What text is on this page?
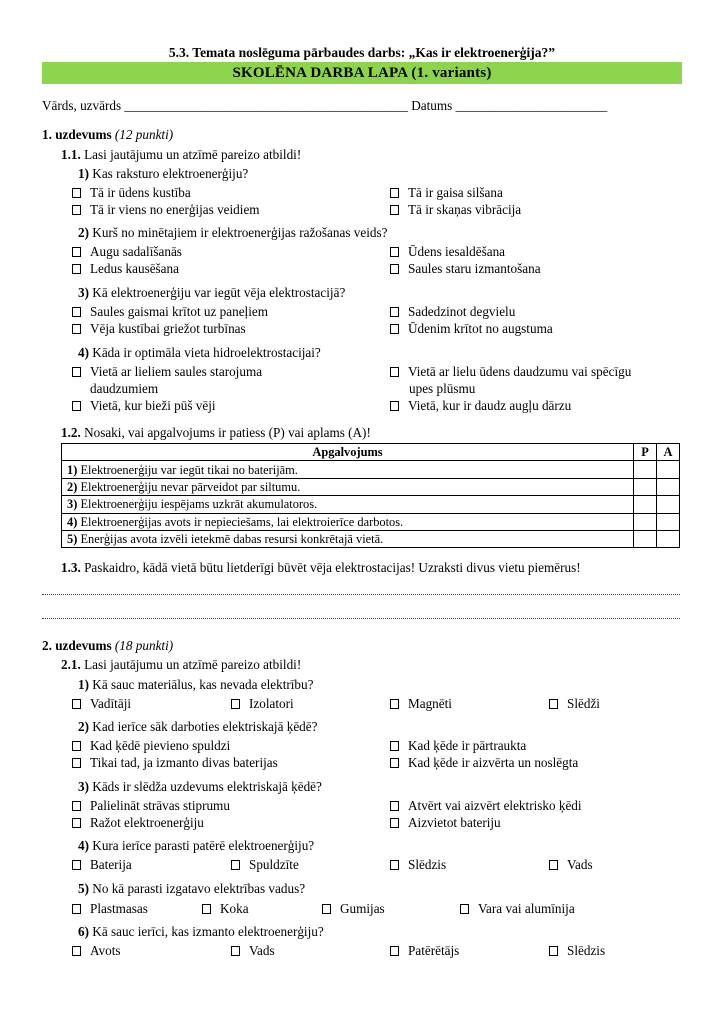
5.3. Temata noslēguma pārbaudes darbs: „Kas ir elektroenerģija?”
SKOLĒNA DARBA LAPA (1. variants)
Vārds, uzvārds ___________________________________________ Datums _______________________
1. uzdevums (12 punkti)
1.1. Lasi jautājumu un atzīmē pareizo atbildi!
1) Kas raksturo elektroenerģiju?
Tā ir ūdens kustība	Tā ir gaisa silšana
Tā ir viens no enerģijas veidiem	Tā ir skaņas vibrācija
2) Kurš no minētajiem ir elektroenerģijas ražošanas veids?
Augu sadalīšanās	Ūdens iesaldēšana
Ledus kausēšana	Saules staru izmantošana
3) Kā elektroenerģiju var iegūt vēja elektrostacijā?
Saules gaismai krītot uz paneļiem	Sadedzinot degvielu
Vēja kustībai griežot turbīnas	Ūdenim krītot no augstuma
4) Kāda ir optimāla vieta hidroelektrostacijai?
Vietā ar lieliem saules starojuma
daudzumiem
Vietā ar lielu ūdens daudzumu vai spēcīgu
upes plūsmu
Vietā, kur bieži pūš vēji	Vietā, kur ir daudz augļu dārzu
1.2. Nosaki, vai apgalvojums ir patiess (P) vai aplams (A)!
Apgalvojums	P	A
1) Elektroenerģiju var iegūt tikai no baterijām.		
2) Elektroenerģiju nevar pārveidot par siltumu.		
3) Elektroenerģiju iespējams uzkrāt akumulatoros.		
4) Elektroenerģijas avots ir nepieciešams, lai elektroierīce darbotos.		
5) Enerģijas avota izvēli ietekmē dabas resursi konkrētajā vietā.		
1.3. Paskaidro, kādā vietā būtu lietderīgi būvēt vēja elektrostacijas! Uzraksti divus vietu piemērus!
2. uzdevums (18 punkti)
2.1. Lasi jautājumu un atzīmē pareizo atbildi!
1) Kā sauc materiālus, kas nevada elektrību?
Vadītāji	Izolatori	Magnēti	Slēdži
2) Kad ierīce sāk darboties elektriskajā ķēdē?
Kad ķēdē pievieno spuldzi	Kad ķēde ir pārtraukta
Tikai tad, ja izmanto divas baterijas	Kad ķēde ir aizvērta un noslēgta
3) Kāds ir slēdža uzdevums elektriskajā ķēdē?
Palielināt strāvas stiprumu	Atvērt vai aizvērt elektrisko ķēdi
Ražot elektroenerģiju	Aizvietot bateriju
4) Kura ierīce parasti patērē elektroenerģiju?
Baterija	Spuldzīte	Slēdzis	Vads
5) No kā parasti izgatavo elektrības vadus?
Plastmasas	Koka	Gumijas	Vara vai alumīnija
6) Kā sauc ierīci, kas izmanto elektroenerģiju?
Avots	Vads	Patērētājs	Slēdzis
